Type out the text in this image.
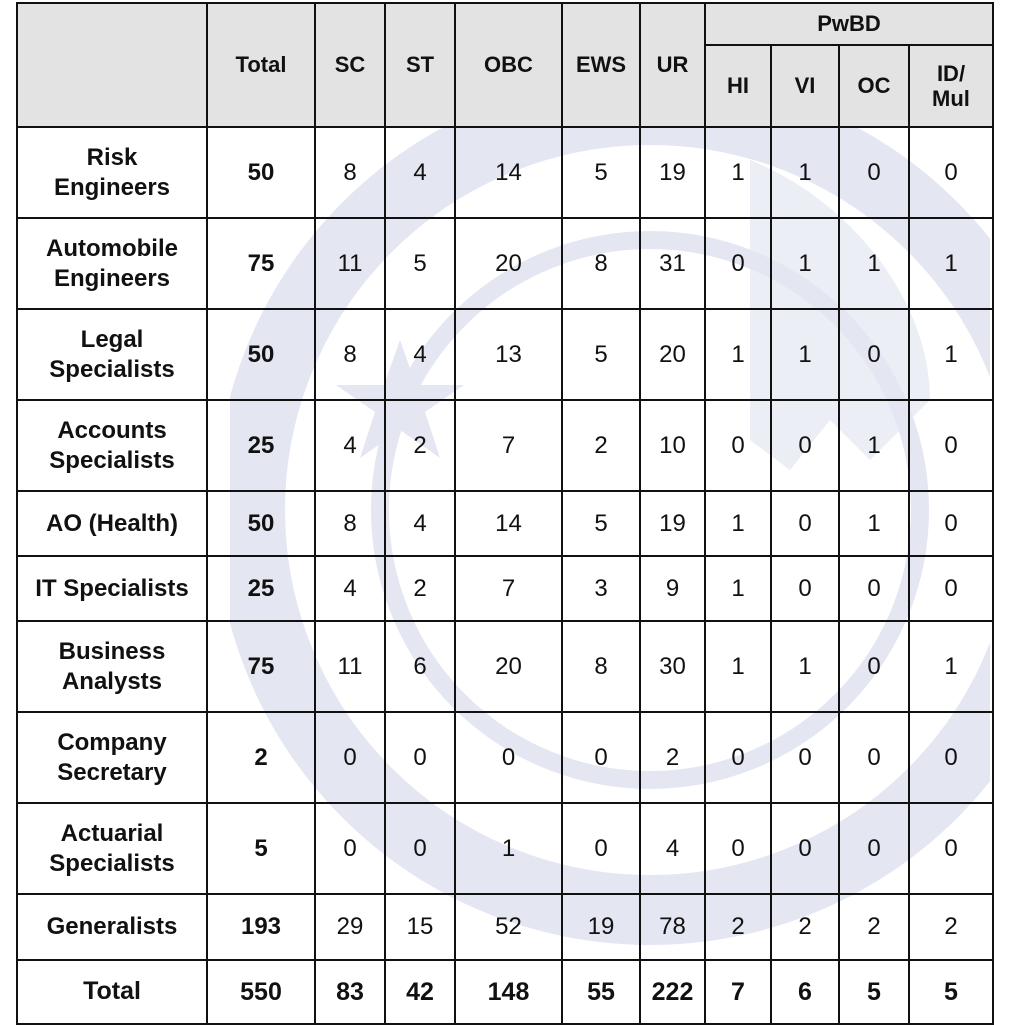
	Total	SC	ST	OBC	EWS	UR	PwBD			
							HI	VI	OC	ID/
Mul
Risk
Engineers	50	8	4	14	5	19	1	1	0	0
Automobile
Engineers	75	11	5	20	8	31	0	1	1	1
Legal
Specialists	50	8	4	13	5	20	1	1	0	1
Accounts
Specialists	25	4	2	7	2	10	0	0	1	0
AO (Health)	50	8	4	14	5	19	1	0	1	0
IT Specialists	25	4	2	7	3	9	1	0	0	0
Business
Analysts	75	11	6	20	8	30	1	1	0	1
Company
Secretary	2	0	0	0	0	2	0	0	0	0
Actuarial
Specialists	5	0	0	1	0	4	0	0	0	0
Generalists	193	29	15	52	19	78	2	2	2	2
Total	550	83	42	148	55	222	7	6	5	5
